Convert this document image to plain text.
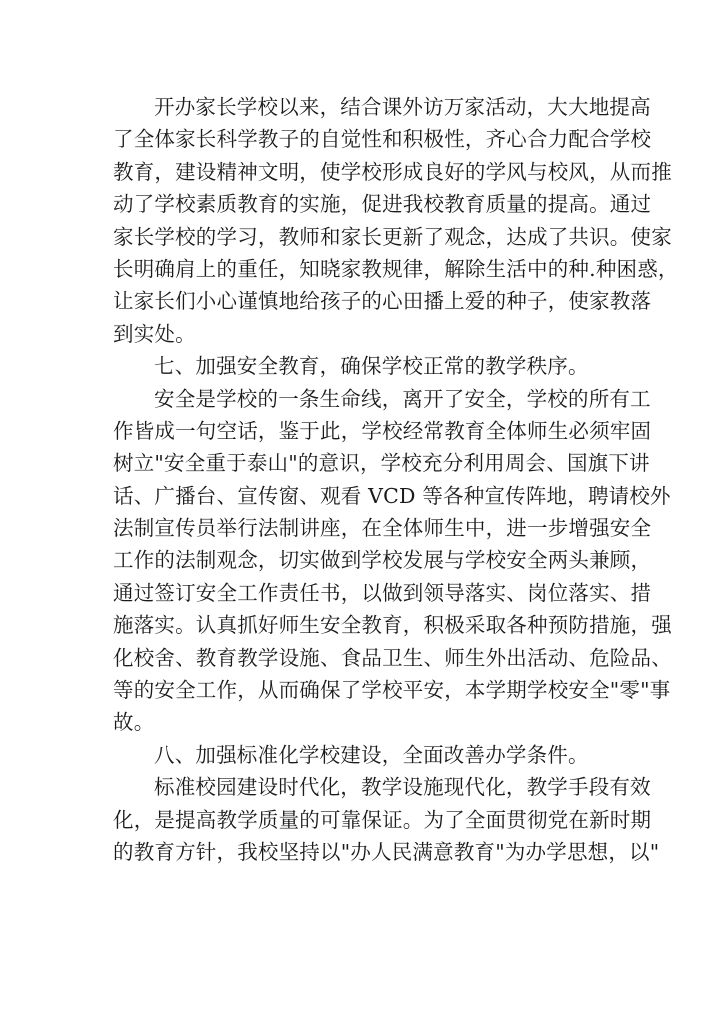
开办家长学校以来，结合课外访万家活动，大大地提高
了全体家长科学教子的自觉性和积极性，齐心合力配合学校
教育，建设精神文明，使学校形成良好的学风与校风，从而推
动了学校素质教育的实施，促进我校教育质量的提高。通过
家长学校的学习，教师和家长更新了观念，达成了共识。使家
长明确肩上的重任，知晓家教规律，解除生活中的种.种困惑，
让家长们小心谨慎地给孩子的心田播上爱的种子，使家教落
到实处。
七、加强安全教育，确保学校正常的教学秩序。
安全是学校的一条生命线，离开了安全，学校的所有工
作皆成一句空话，鉴于此，学校经常教育全体师生必须牢固
树立"安全重于泰山"的意识，学校充分利用周会、国旗下讲
话、广播台、宣传窗、观看 VCD 等各种宣传阵地，聘请校外
法制宣传员举行法制讲座，在全体师生中，进一步增强安全
工作的法制观念，切实做到学校发展与学校安全两头兼顾，
通过签订安全工作责任书，以做到领导落实、岗位落实、措
施落实。认真抓好师生安全教育，积极采取各种预防措施，强
化校舍、教育教学设施、食品卫生、师生外出活动、危险品、
等的安全工作，从而确保了学校平安，本学期学校安全"零"事
故。
八、加强标准化学校建设，全面改善办学条件。
标准校园建设时代化，教学设施现代化，教学手段有效
化，是提高教学质量的可靠保证。为了全面贯彻党在新时期
的教育方针，我校坚持以"办人民满意教育"为办学思想，以"
